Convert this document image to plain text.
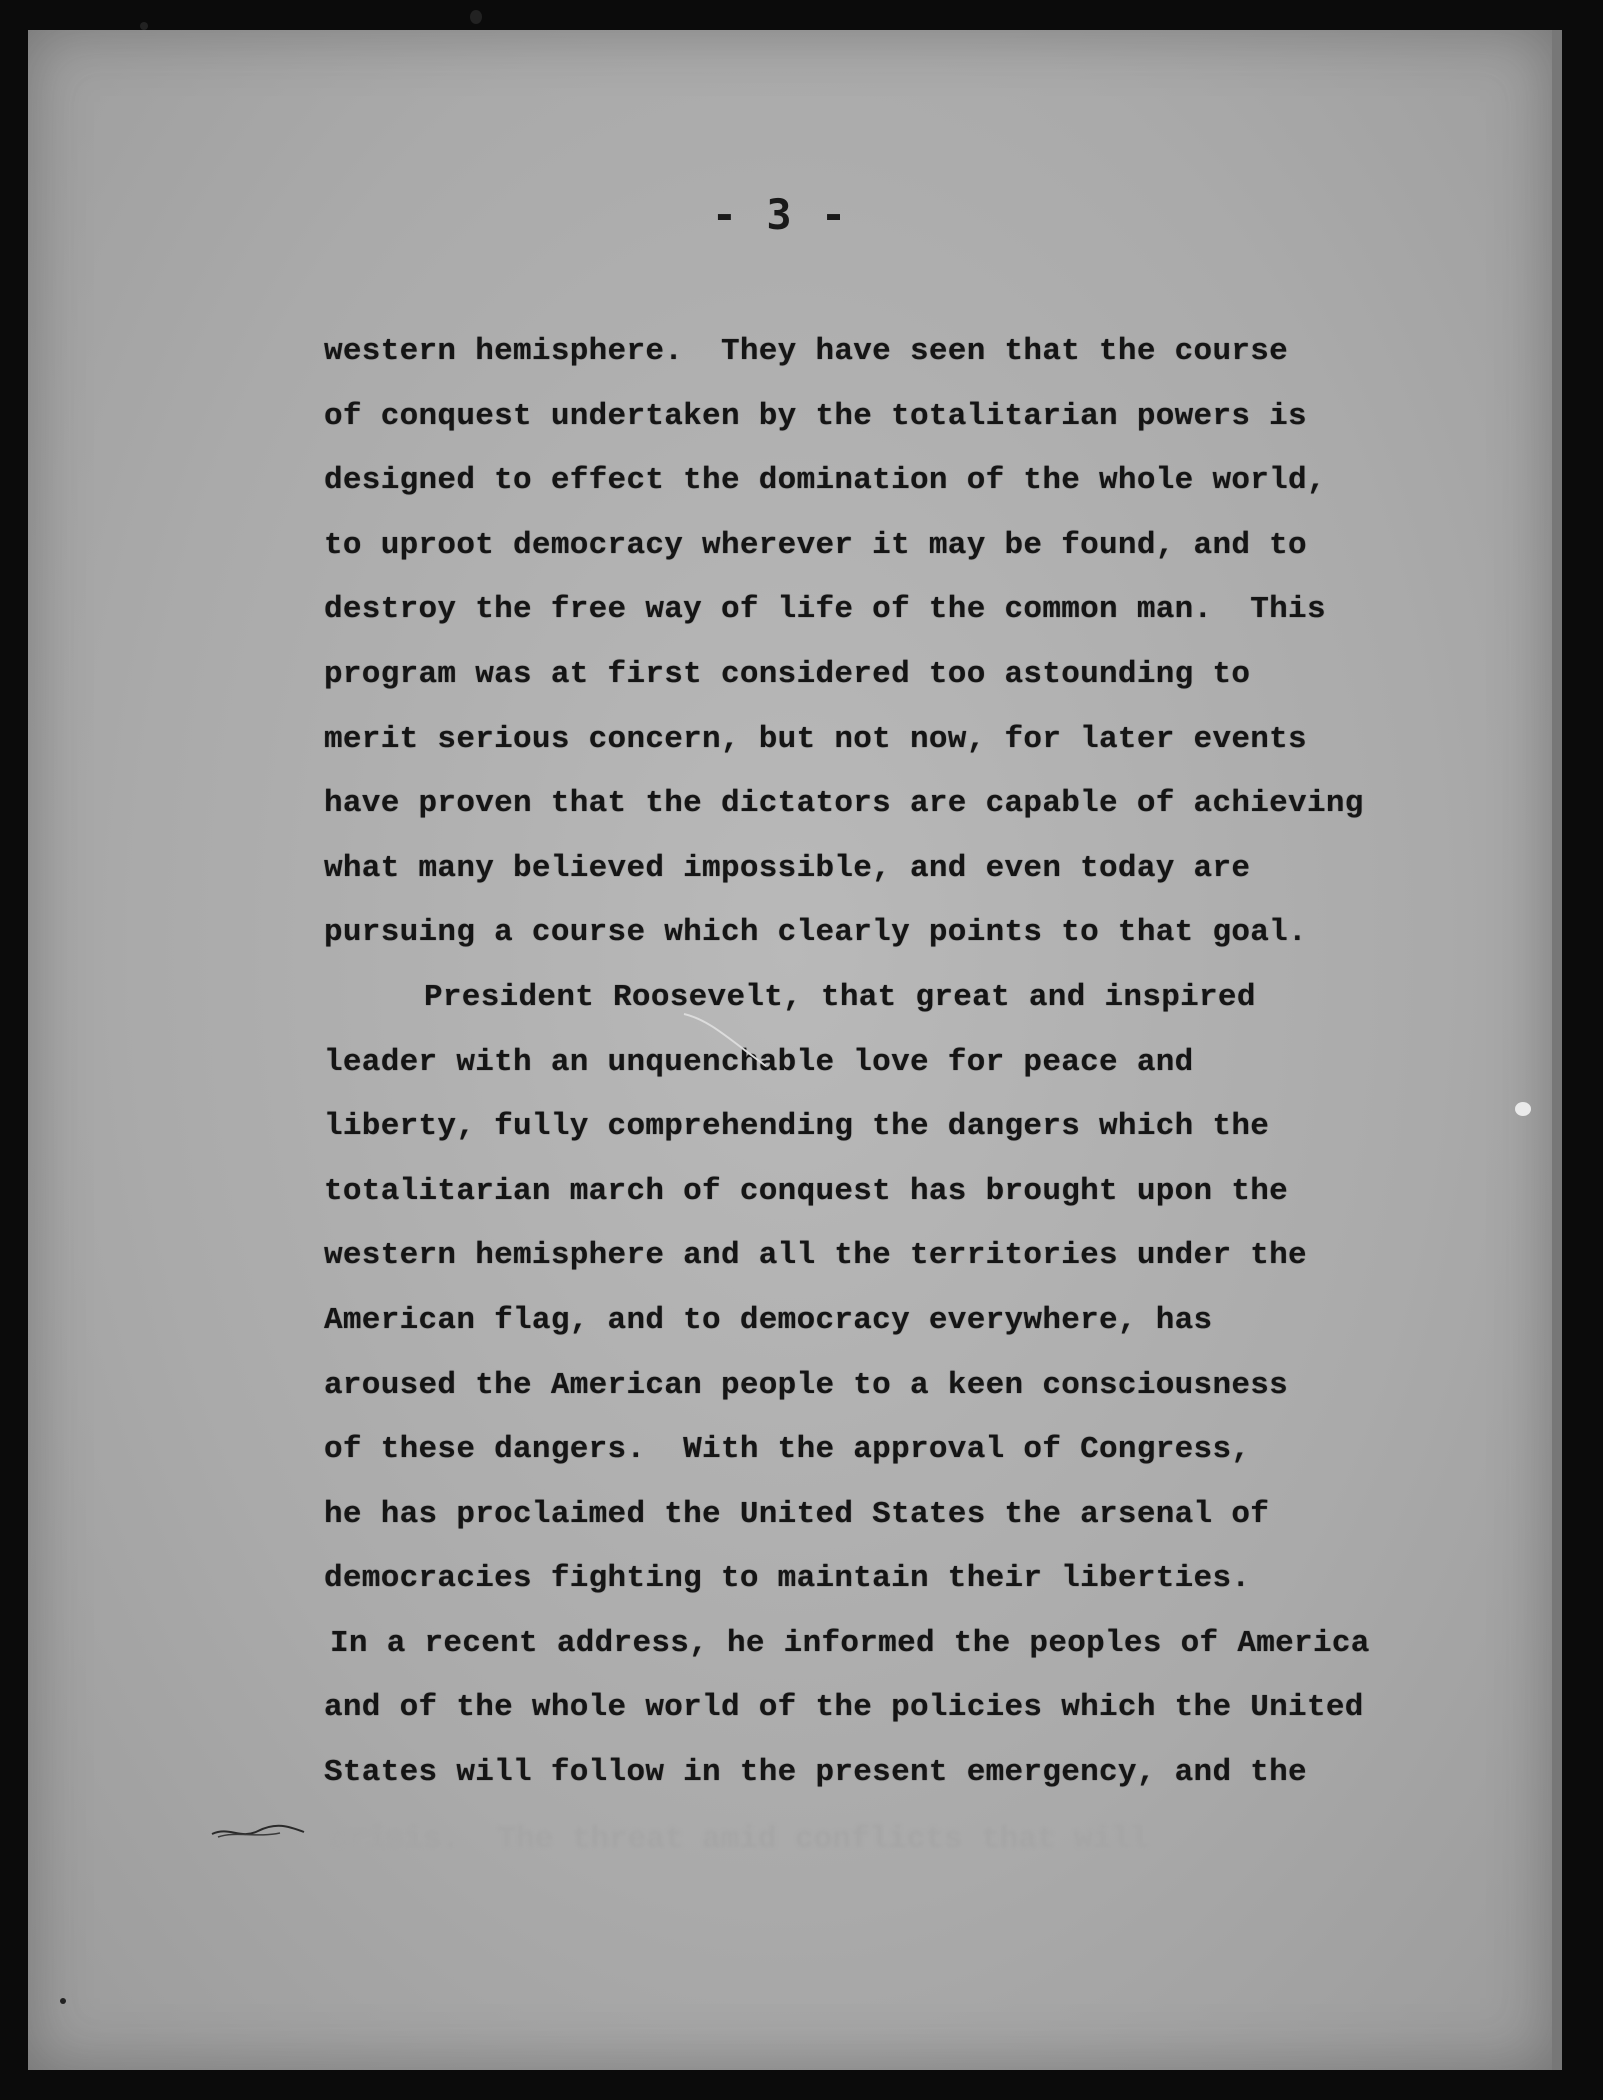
- 3 -
western hemisphere.  They have seen that the course
of conquest undertaken by the totalitarian powers is
designed to effect the domination of the whole world,
to uproot democracy wherever it may be found, and to
destroy the free way of life of the common man.  This
program was at first considered too astounding to
merit serious concern, but not now, for later events
have proven that the dictators are capable of achieving
what many believed impossible, and even today are
pursuing a course which clearly points to that goal.
President Roosevelt, that great and inspired
leader with an unquenchable love for peace and
liberty, fully comprehending the dangers which the
totalitarian march of conquest has brought upon the
western hemisphere and all the territories under the
American flag, and to democracy everywhere, has
aroused the American people to a keen consciousness
of these dangers.  With the approval of Congress,
he has proclaimed the United States the arsenal of
democracies fighting to maintain their liberties.
In a recent address, he informed the peoples of America
and of the whole world of the policies which the United
States will follow in the present emergency, and the
crisis.  The threat amid conflicts that will
